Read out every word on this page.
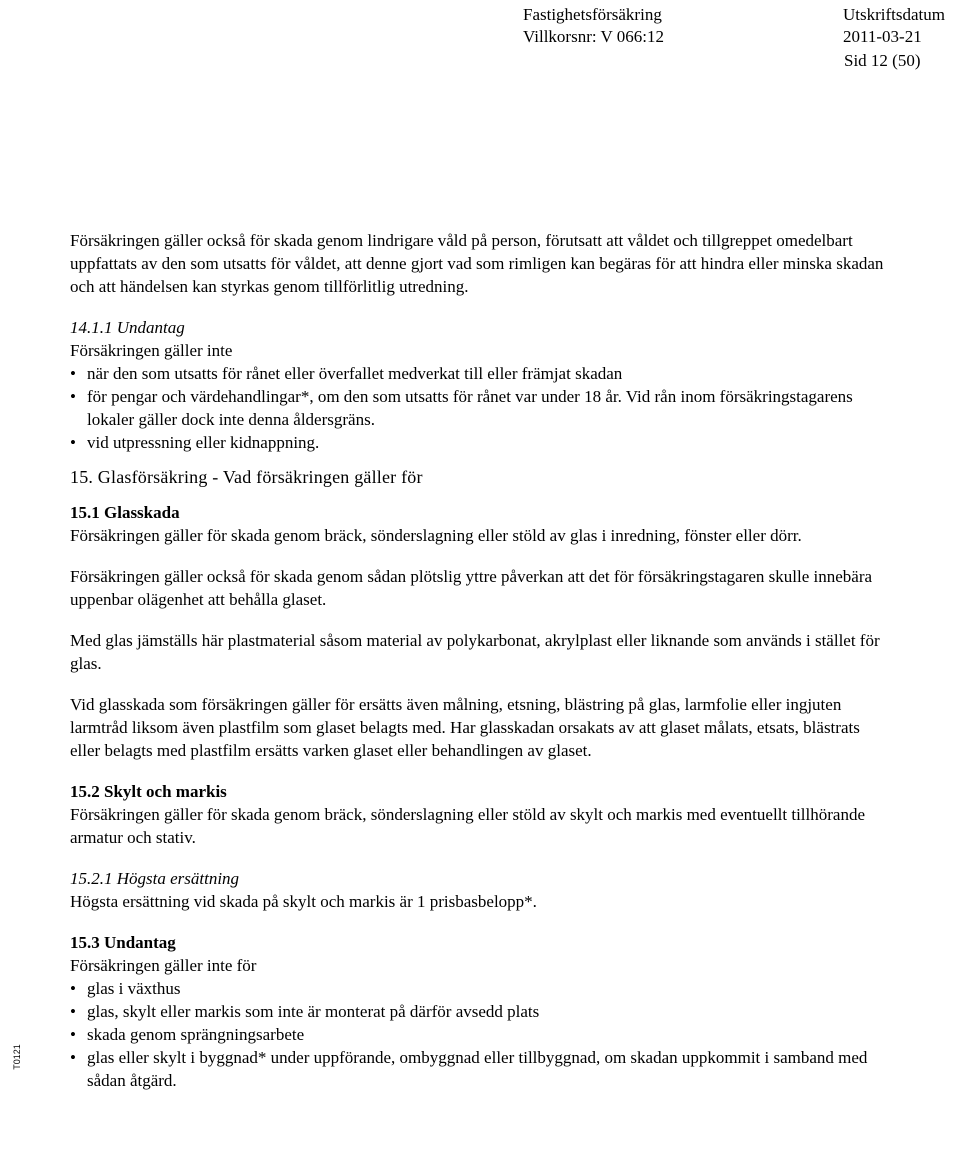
Fastighetsförsäkring	Utskriftsdatum
Villkorsnr: V 066:12	2011-03-21
Sid 12 (50)
T0121

Försäkringen gäller också för skada genom lindrigare våld på person, förutsatt att våldet och tillgreppet omedelbart uppfattats av den som utsatts för våldet, att denne gjort vad som rimligen kan begäras för att hindra eller minska skadan och att händelsen kan styrkas genom tillförlitlig utredning.

14.1.1 Undantag

Försäkringen gäller inte

• när den som utsatts för rånet eller överfallet medverkat till eller främjat skadan
• för pengar och värdehandlingar*, om den som utsatts för rånet var under 18 år. Vid rån inom försäkringstagarens lokaler gäller dock inte denna åldersgräns.
• vid utpressning eller kidnappning.

15. Glasförsäkring - Vad försäkringen gäller för

15.1 Glasskada

Försäkringen gäller för skada genom bräck, sönderslagning eller stöld av glas i inredning, fönster eller dörr.

Försäkringen gäller också för skada genom sådan plötslig yttre påverkan att det för försäkringstagaren skulle innebära uppenbar olägenhet att behålla glaset.

Med glas jämställs här plastmaterial såsom material av polykarbonat, akrylplast eller liknande som används i stället för glas.

Vid glasskada som försäkringen gäller för ersätts även målning, etsning, blästring på glas, larmfolie eller ingjuten larmtråd liksom även plastfilm som glaset belagts med. Har glasskadan orsakats av att glaset målats, etsats, blästrats eller belagts med plastfilm ersätts varken glaset eller behandlingen av glaset.

15.2 Skylt och markis

Försäkringen gäller för skada genom bräck, sönderslagning eller stöld av skylt och markis med eventuellt tillhörande armatur och stativ.

15.2.1 Högsta ersättning

Högsta ersättning vid skada på skylt och markis är 1 prisbasbelopp*.

15.3 Undantag

Försäkringen gäller inte för

• glas i växthus
• glas, skylt eller markis som inte är monterat på därför avsedd plats
• skada genom sprängningsarbete
• glas eller skylt i byggnad* under uppförande, ombyggnad eller tillbyggnad, om skadan uppkommit i samband med sådan åtgärd.
